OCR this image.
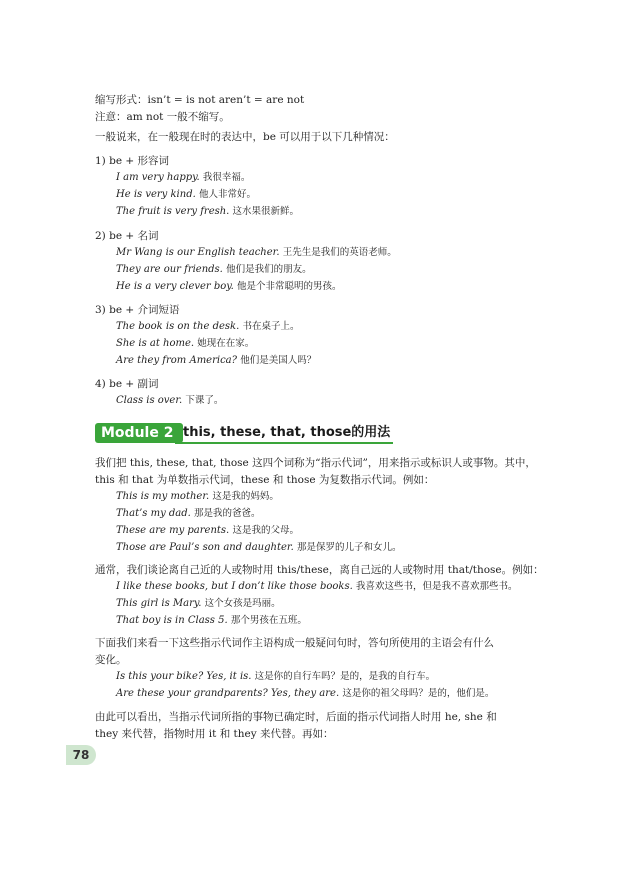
缩写形式：isn’t = is not aren’t = are not
注意：am not 一般不缩写。
一般说来，在一般现在时的表达中，be 可以用于以下几种情况：
1) be + 形容词
I am very happy. 我很幸福。
He is very kind. 他人非常好。
The fruit is very fresh. 这水果很新鲜。
2) be + 名词
Mr Wang is our English teacher. 王先生是我们的英语老师。
They are our friends. 他们是我们的朋友。
He is a very clever boy. 他是个非常聪明的男孩。
3) be + 介词短语
The book is on the desk. 书在桌子上。
She is at home. 她现在在家。
Are they from America? 他们是美国人吗？
4) be + 副词
Class is over. 下课了。
Module 2 this, these, that, those的用法
我们把 this, these, that, those 这四个词称为“指示代词”，用来指示或标识人或事物。其中，
this 和 that 为单数指示代词，these 和 those 为复数指示代词。例如：
This is my mother. 这是我的妈妈。
That’s my dad. 那是我的爸爸。
These are my parents. 这是我的父母。
Those are Paul’s son and daughter. 那是保罗的儿子和女儿。
通常，我们谈论离自己近的人或物时用 this/these，离自己远的人或物时用 that/those。例如：
I like these books, but I don’t like those books. 我喜欢这些书，但是我不喜欢那些书。
This girl is Mary. 这个女孩是玛丽。
That boy is in Class 5. 那个男孩在五班。
下面我们来看一下这些指示代词作主语构成一般疑问句时，答句所使用的主语会有什么
变化。
Is this your bike? Yes, it is. 这是你的自行车吗？是的，是我的自行车。
Are these your grandparents? Yes, they are. 这是你的祖父母吗？是的，他们是。
由此可以看出，当指示代词所指的事物已确定时，后面的指示代词指人时用 he, she 和
they 来代替，指物时用 it 和 they 来代替。再如：
78
